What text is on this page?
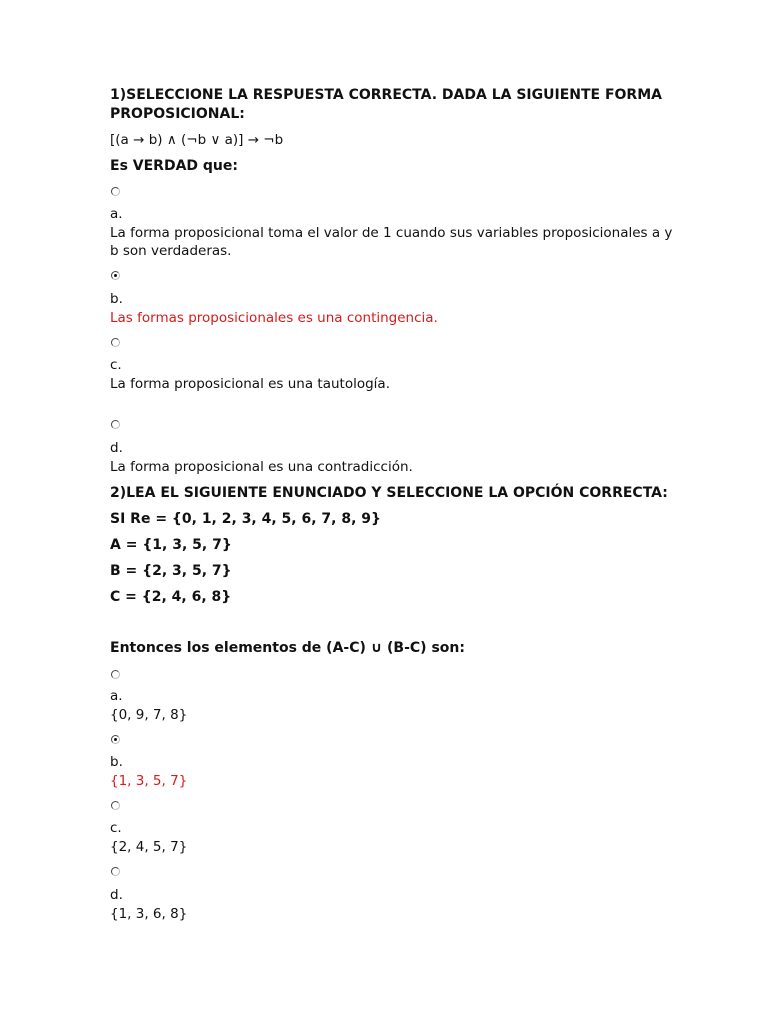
1)SELECCIONE LA RESPUESTA CORRECTA. DADA LA SIGUIENTE FORMA

PROPOSICIONAL:

[(a → b) ∧ (¬b ∨ a)] → ¬b

Es VERDAD que:

a.

La forma proposicional toma el valor de 1 cuando sus variables proposicionales a y

b son verdaderas.

b.

Las formas proposicionales es una contingencia.

c.

La forma proposicional es una tautología.

d.

La forma proposicional es una contradicción.

2)LEA EL SIGUIENTE ENUNCIADO Y SELECCIONE LA OPCIÓN CORRECTA:

SI Re = {0, 1, 2, 3, 4, 5, 6, 7, 8, 9}

A = {1, 3, 5, 7}

B = {2, 3, 5, 7}

C = {2, 4, 6, 8}

Entonces los elementos de (A-C) ∪ (B-C) son:

a.

{0, 9, 7, 8}

b.

{1, 3, 5, 7}

c.

{2, 4, 5, 7}

d.

{1, 3, 6, 8}
